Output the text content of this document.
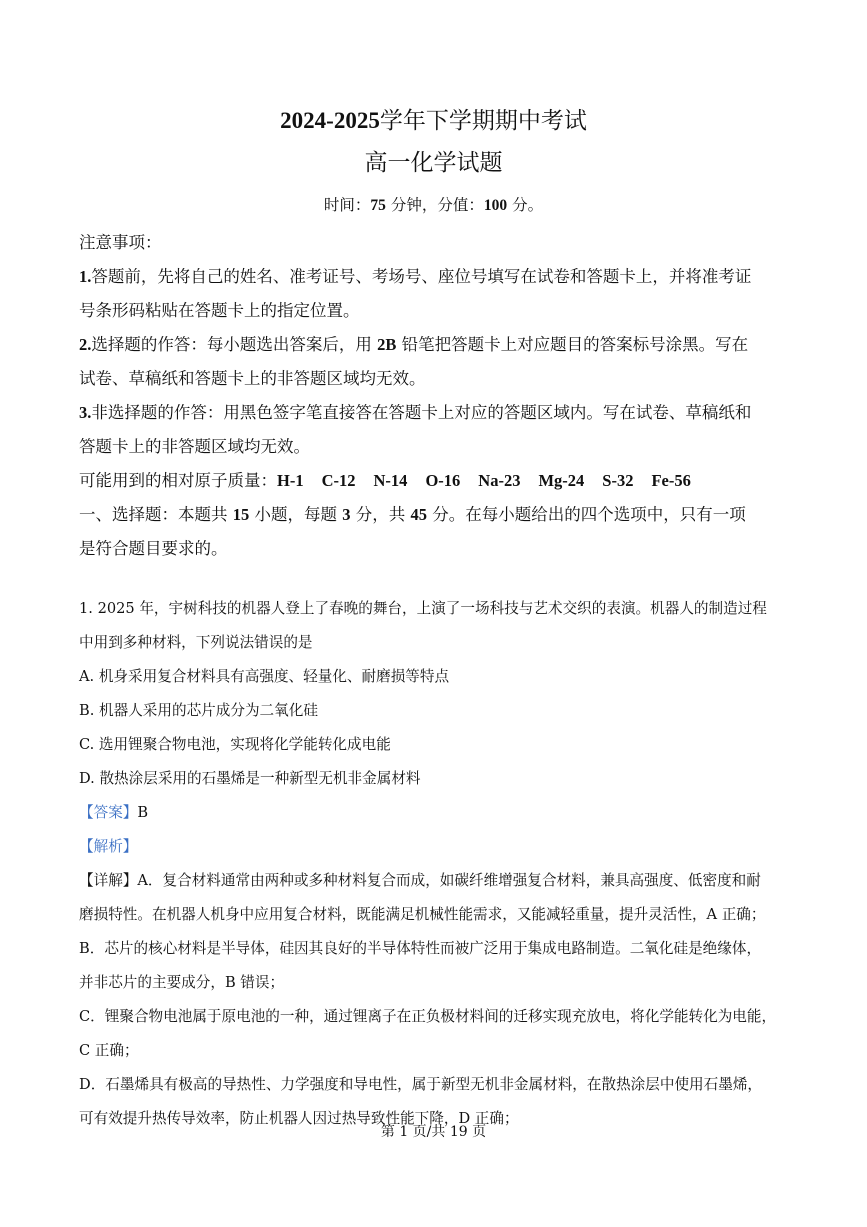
2024-2025学年下学期期中考试
高一化学试题
时间：75 分钟，分值：100 分。

注意事项：

1.答题前，先将自己的姓名、准考证号、考场号、座位号填写在试卷和答题卡上，并将准考证

号条形码粘贴在答题卡上的指定位置。

2.选择题的作答：每小题选出答案后，用 2B 铅笔把答题卡上对应题目的答案标号涂黑。写在

试卷、草稿纸和答题卡上的非答题区域均无效。

3.非选择题的作答：用黑色签字笔直接答在答题卡上对应的答题区域内。写在试卷、草稿纸和

答题卡上的非答题区域均无效。

可能用到的相对原子质量：H-1 C-12 N-14 O-16 Na-23 Mg-24 S-32 Fe-56

一、选择题：本题共 15 小题，每题 3 分，共 45 分。在每小题给出的四个选项中，只有一项

是符合题目要求的。

1. 2025 年，宇树科技的机器人登上了春晚的舞台，上演了一场科技与艺术交织的表演。机器人的制造过程

中用到多种材料，下列说法错误的是

A. 机身采用复合材料具有高强度、轻量化、耐磨损等特点

B. 机器人采用的芯片成分为二氧化硅

C. 选用锂聚合物电池，实现将化学能转化成电能

D. 散热涂层采用的石墨烯是一种新型无机非金属材料

【答案】B

【解析】

【详解】A．复合材料通常由两种或多种材料复合而成，如碳纤维增强复合材料，兼具高强度、低密度和耐

磨损特性。在机器人机身中应用复合材料，既能满足机械性能需求，又能减轻重量，提升灵活性，A 正确；

B．芯片的核心材料是半导体，硅因其良好的半导体特性而被广泛用于集成电路制造。二氧化硅是绝缘体，

并非芯片的主要成分，B 错误；

C．锂聚合物电池属于原电池的一种，通过锂离子在正负极材料间的迁移实现充放电，将化学能转化为电能，

C 正确；

D．石墨烯具有极高的导热性、力学强度和导电性，属于新型无机非金属材料，在散热涂层中使用石墨烯，

可有效提升热传导效率，防止机器人因过热导致性能下降，D 正确；

第 1 页/共 19 页
